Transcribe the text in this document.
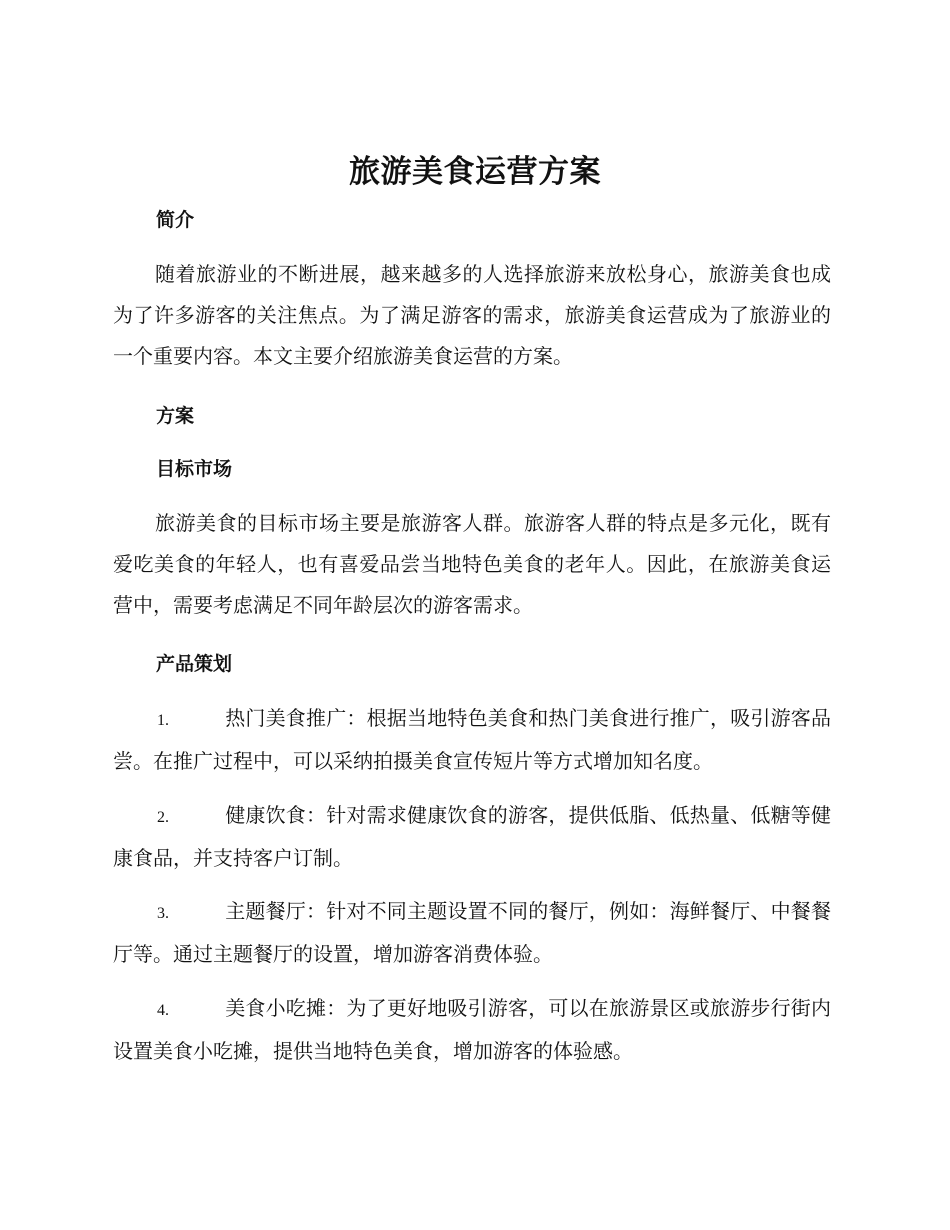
旅游美食运营方案
简介

随着旅游业的不断进展，越来越多的人选择旅游来放松身心，旅游美食也成为了许多游客的关注焦点。为了满足游客的需求，旅游美食运营成为了旅游业的一个重要内容。本文主要介绍旅游美食运营的方案。

方案
目标市场

旅游美食的目标市场主要是旅游客人群。旅游客人群的特点是多元化，既有爱吃美食的年轻人，也有喜爱品尝当地特色美食的老年人。因此，在旅游美食运营中，需要考虑满足不同年龄层次的游客需求。

产品策划

1.	热门美食推广：根据当地特色美食和热门美食进行推广，吸引游客品尝。在推广过程中，可以采纳拍摄美食宣传短片等方式增加知名度。

2.	健康饮食：针对需求健康饮食的游客，提供低脂、低热量、低糖等健康食品，并支持客户订制。

3.	主题餐厅：针对不同主题设置不同的餐厅，例如：海鲜餐厅、中餐餐厅等。通过主题餐厅的设置，增加游客消费体验。

4.	美食小吃摊：为了更好地吸引游客，可以在旅游景区或旅游步行街内设置美食小吃摊，提供当地特色美食，增加游客的体验感。
